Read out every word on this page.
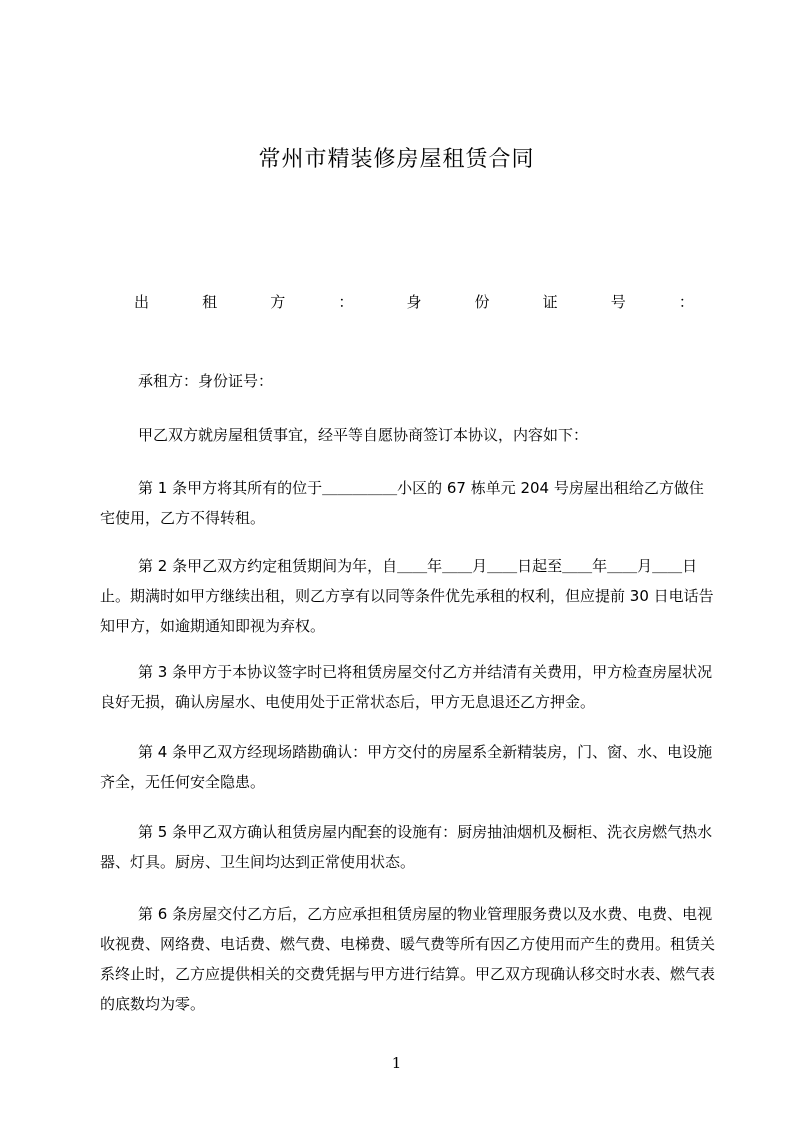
常州市精装修房屋租赁合同
出	租	方	：	身	份	证	号	：

承租方：身份证号：

甲乙双方就房屋租赁事宜，经平等自愿协商签订本协议，内容如下：

第 1 条甲方将其所有的位于＿＿＿＿＿小区的 67 栋单元 204 号房屋出租给乙方做住宅使用，乙方不得转租。

第 2 条甲乙双方约定租赁期间为年，自＿＿年＿＿月＿＿日起至＿＿年＿＿月＿＿日止。期满时如甲方继续出租，则乙方享有以同等条件优先承租的权利，但应提前 30 日电话告知甲方，如逾期通知即视为弃权。

第 3 条甲方于本协议签字时已将租赁房屋交付乙方并结清有关费用，甲方检查房屋状况良好无损，确认房屋水、电使用处于正常状态后，甲方无息退还乙方押金。

第 4 条甲乙双方经现场踏勘确认：甲方交付的房屋系全新精装房，门、窗、水、电设施齐全，无任何安全隐患。

第 5 条甲乙双方确认租赁房屋内配套的设施有：厨房抽油烟机及橱柜、洗衣房燃气热水器、灯具。厨房、卫生间均达到正常使用状态。

第 6 条房屋交付乙方后，乙方应承担租赁房屋的物业管理服务费以及水费、电费、电视收视费、网络费、电话费、燃气费、电梯费、暖气费等所有因乙方使用而产生的费用。租赁关系终止时，乙方应提供相关的交费凭据与甲方进行结算。甲乙双方现确认移交时水表、燃气表的底数均为零。

1
